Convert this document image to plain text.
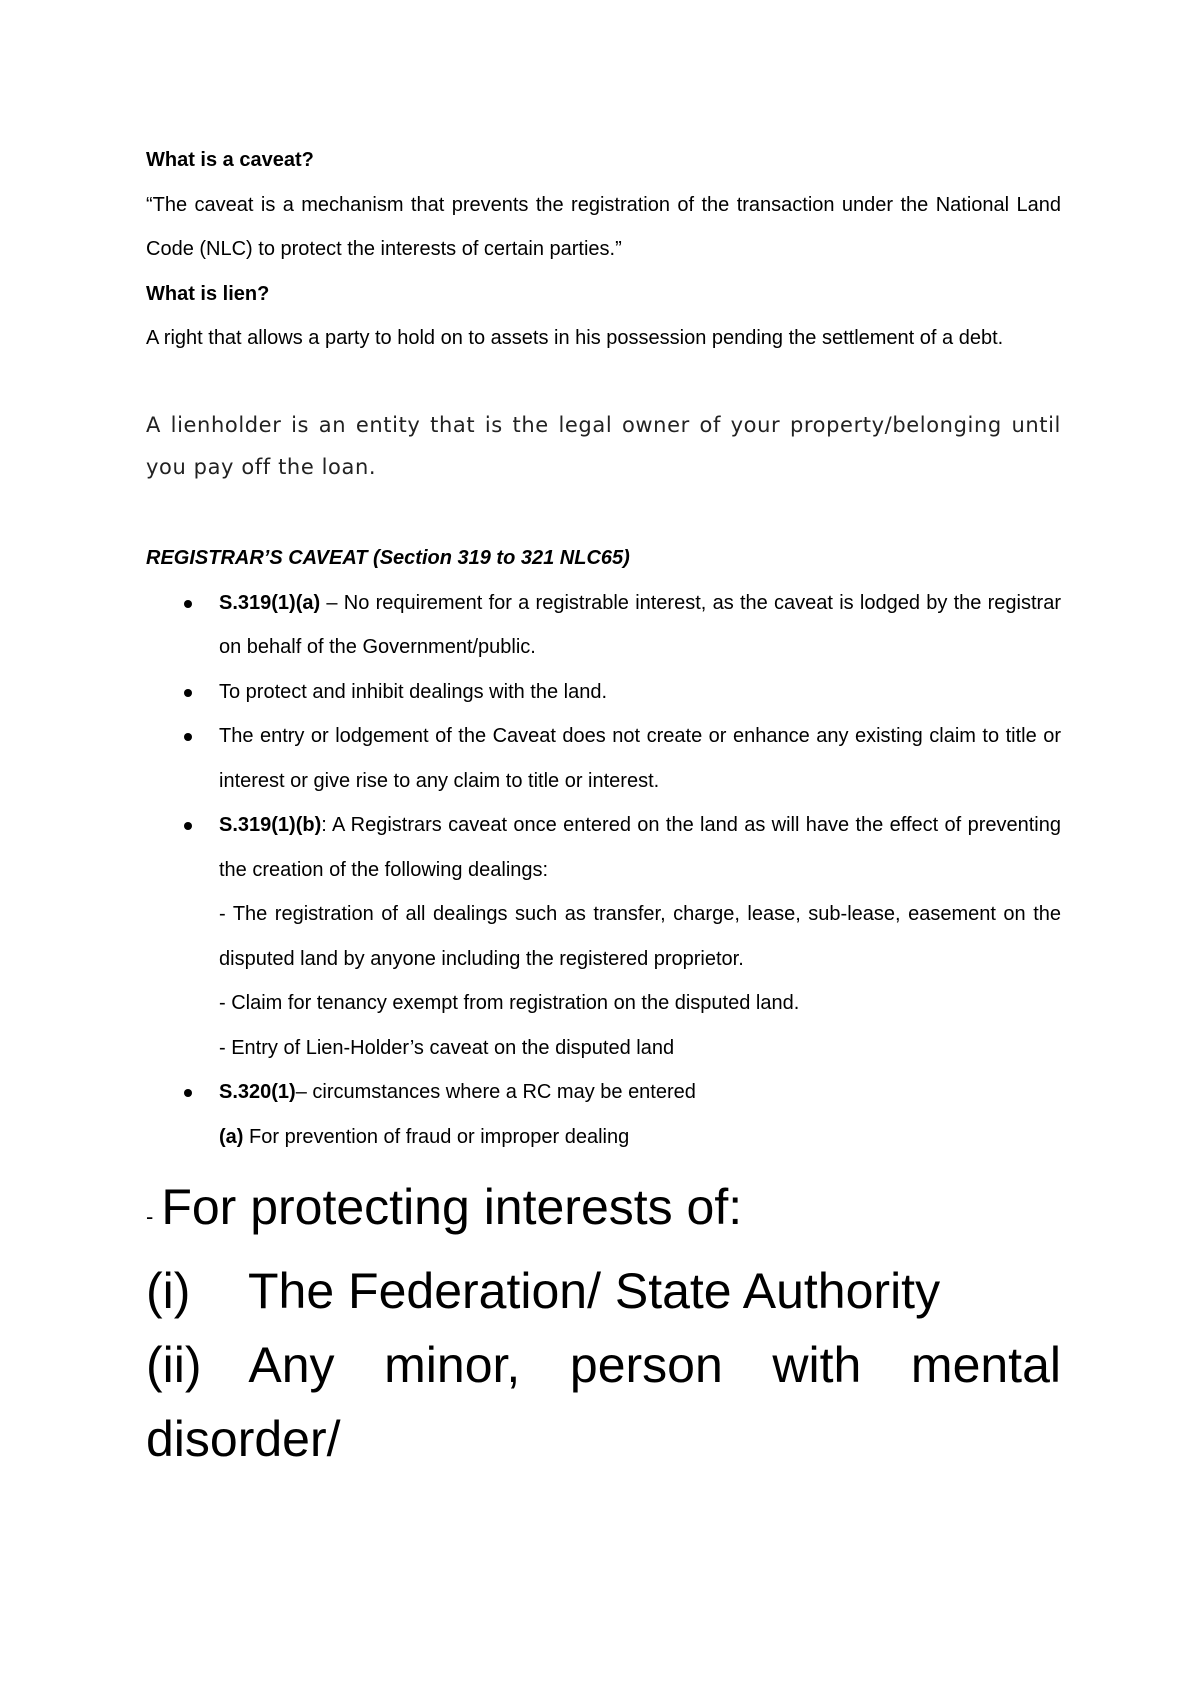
What is a caveat?
“The caveat is a mechanism that prevents the registration of the transaction under the National Land Code (NLC) to protect the interests of certain parties.”
What is lien?
A right that allows a party to hold on to assets in his possession pending the settlement of a debt.
A lienholder is an entity that is the legal owner of your property/belonging until you pay off the loan.
REGISTRAR’S CAVEAT (Section 319 to 321 NLC65)
S.319(1)(a) – No requirement for a registrable interest, as the caveat is lodged by the registrar on behalf of the Government/public.
To protect and inhibit dealings with the land.
The entry or lodgement of the Caveat does not create or enhance any existing claim to title or interest or give rise to any claim to title or interest.
S.319(1)(b): A Registrars caveat once entered on the land as will have the effect of preventing the creation of the following dealings:
- The registration of all dealings such as transfer, charge, lease, sub-lease, easement on the disputed land by anyone including the registered proprietor.
- Claim for tenancy exempt from registration on the disputed land.
- Entry of Lien-Holder’s caveat on the disputed land
S.320(1)– circumstances where a RC may be entered
(a) For prevention of fraud or improper dealing
- For protecting interests of:
(i) The Federation/ State Authority
(ii) Any minor, person with mental disorder/
